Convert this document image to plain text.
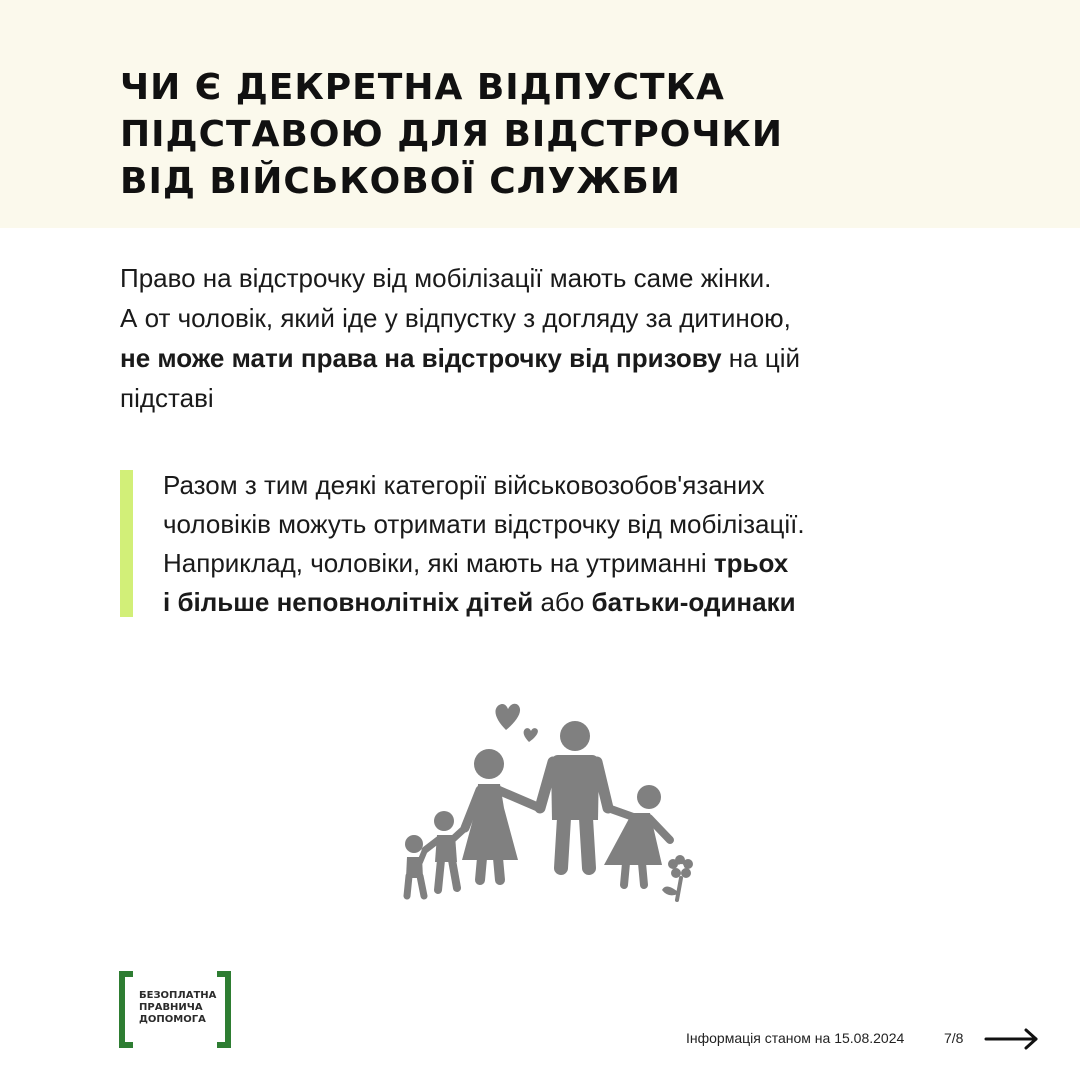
ЧИ Є ДЕКРЕТНА ВІДПУСТКА
ПІДСТАВОЮ ДЛЯ ВІДСТРОЧКИ
ВІД ВІЙСЬКОВОЇ СЛУЖБИ
Право на відстрочку від мобілізації мають саме жінки.
А от чоловік, який іде у відпустку з догляду за дитиною,
не може мати права на відстрочку від призову на цій
підставі
Разом з тим деякі категорії військовозобов'язаних
чоловіків можуть отримати відстрочку від мобілізації.
Наприклад, чоловіки, які мають на утриманні трьох
і більше неповнолітніх дітей або батьки-одинаки
БЕЗОПЛАТНА
ПРАВНИЧА
ДОПОМОГА
Інформація станом на 15.08.2024	7/8
